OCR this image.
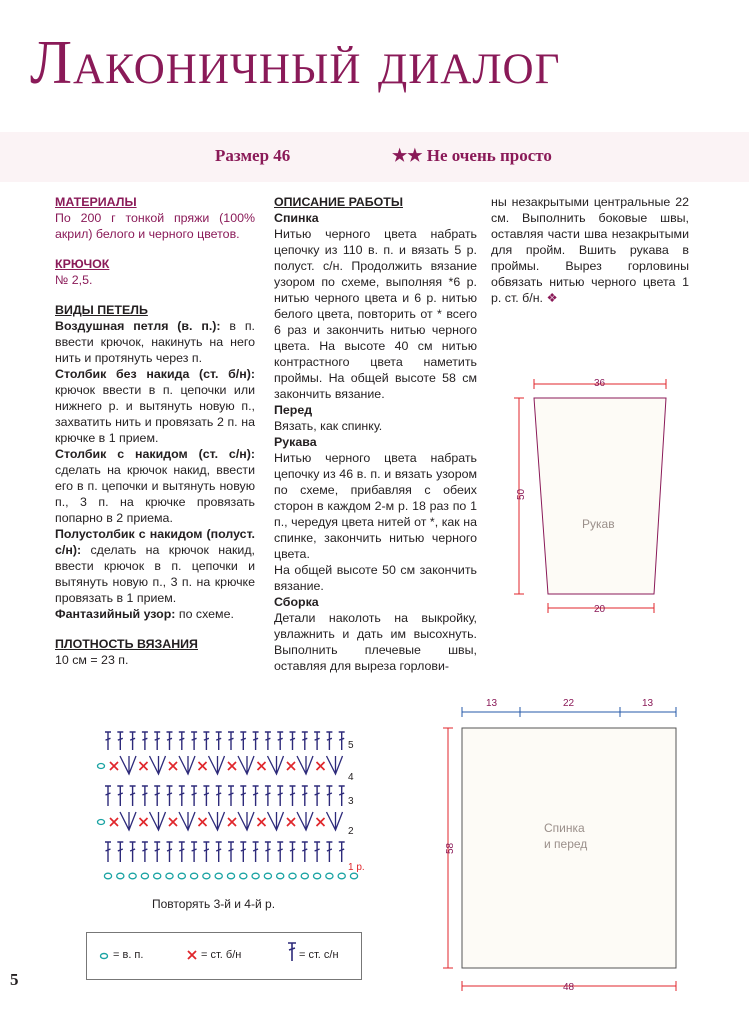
Лаконичный диалог
Размер 46	★★ Не очень просто
МАТЕРИАЛЫ
По 200 г тонкой пряжи (100% акрил) белого и черного цветов.
КРЮЧОК
№ 2,5.
ВИДЫ ПЕТЕЛЬ
Воздушная петля (в. п.): в п. ввести крючок, накинуть на него нить и протянуть через п.
Столбик без накида (ст. б/н): крючок ввести в п. цепочки или нижнего р. и вытянуть новую п., захватить нить и провязать 2 п. на крючке в 1 прием.
Столбик с накидом (ст. с/н): сделать на крючок накид, ввести его в п. цепочки и вытянуть новую п., 3 п. на крючке провязать попарно в 2 приема.
Полустолбик с накидом (полуст. с/н): сделать на крючок накид, ввести крючок в п. цепочки и вытянуть новую п., 3 п. на крючке провязать в 1 прием.
Фантазийный узор: по схеме.
ПЛОТНОСТЬ ВЯЗАНИЯ
10 см = 23 п.
ОПИСАНИЕ РАБОТЫ
Спинка
Нитью черного цвета набрать цепочку из 110 в. п. и вязать 5 р. полуст. с/н. Продолжить вязание узором по схеме, выполняя *6 р. нитью черного цвета и 6 р. нитью белого цвета, повторить от * всего 6 раз и закончить нитью черного цвета. На высоте 40 см нитью контрастного цвета наметить проймы. На общей высоте 58 см закончить вязание.
Перед
Вязать, как спинку.
Рукава
Нитью черного цвета набрать цепочку из 46 в. п. и вязать узором по схеме, прибавляя с обеих сторон в каждом 2-м р. 18 раз по 1 п., чередуя цвета нитей от *, как на спинке, закончить нитью черного цвета.
На общей высоте 50 см закончить вязание.
Сборка
Детали наколоть на выкройку, увлажнить и дать им высохнуть. Выполнить плечевые швы, оставляя для выреза горлови-
ны незакрытыми центральные 22 см. Выполнить боковые швы, оставляя части шва незакрытыми для пройм. Вшить рукава в проймы. Вырез горловины обвязать нитью черного цвета 1 р. ст. б/н. ❖
36
50
20
Рукав
13	22	13
58
48
Спинка
и перед
5
4
3
2
1 р.
Повторять 3-й и 4-й р.
= в. п.	= ст. б/н	= ст. с/н
5
